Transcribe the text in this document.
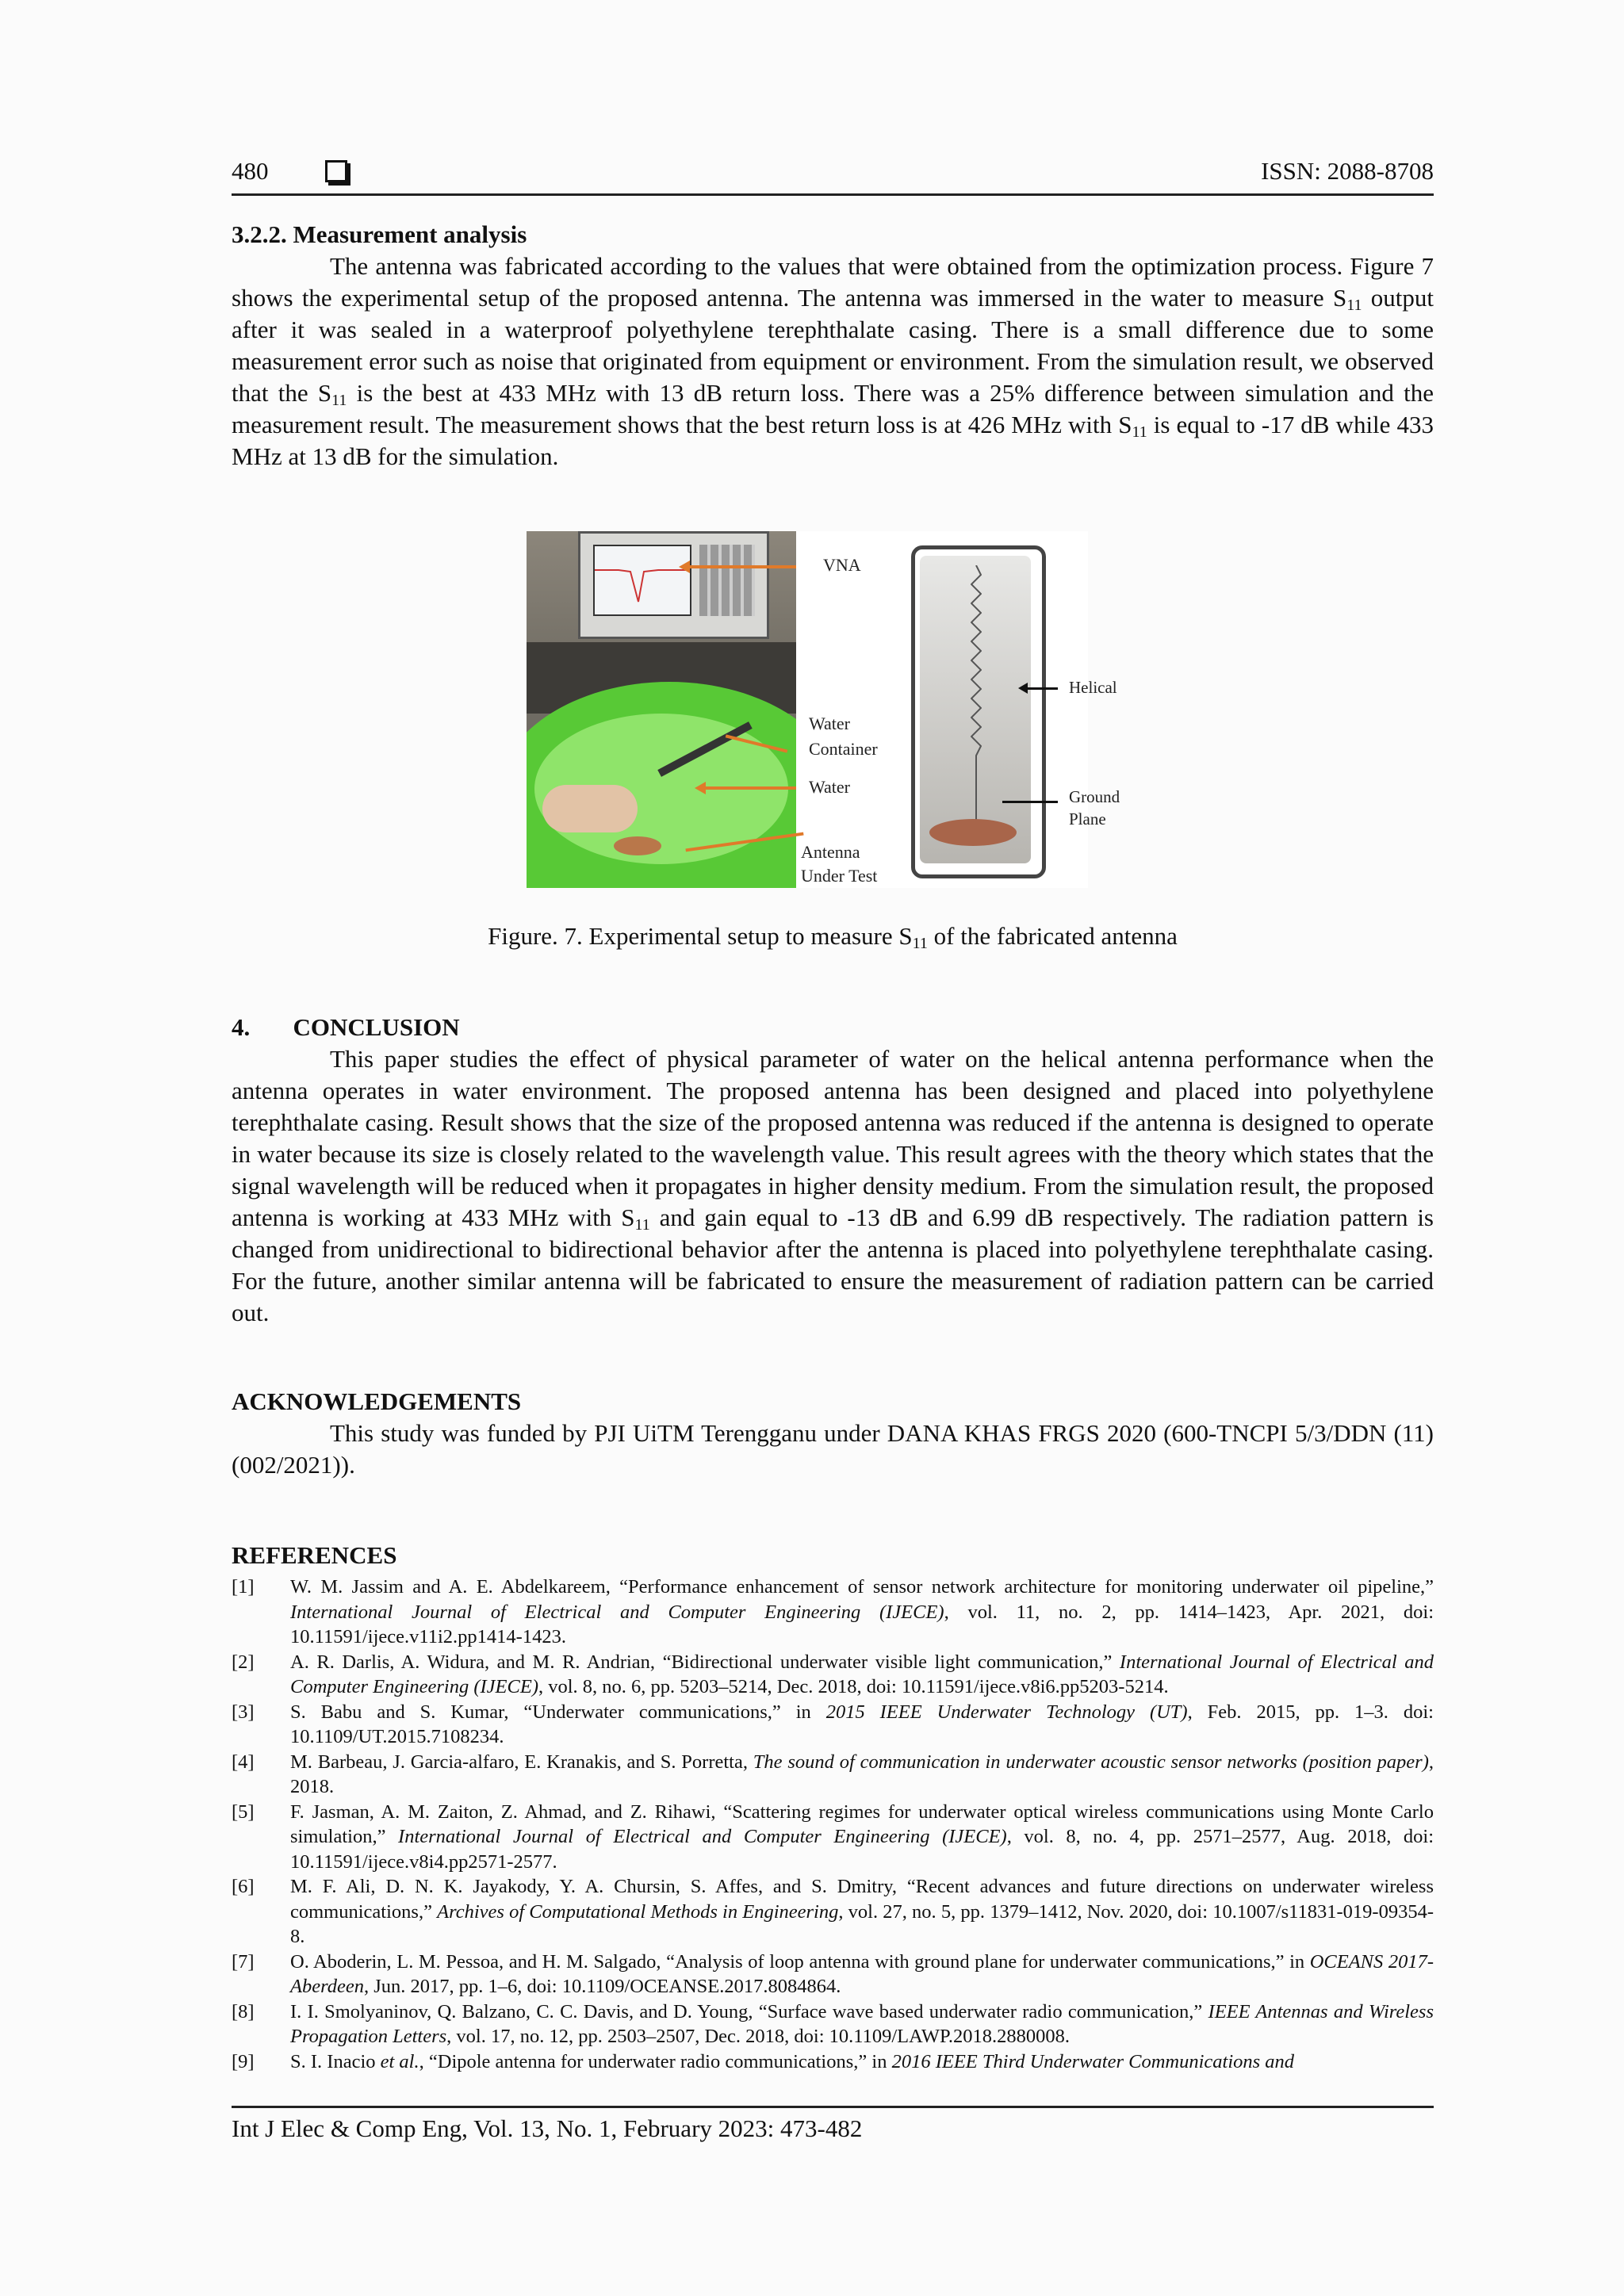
480	ISSN: 2088-8708
3.2.2. Measurement analysis
The antenna was fabricated according to the values that were obtained from the optimization process. Figure 7 shows the experimental setup of the proposed antenna. The antenna was immersed in the water to measure $S_{11}$ output after it was sealed in a waterproof polyethylene terephthalate casing. There is a small difference due to some measurement error such as noise that originated from equipment or environment. From the simulation result, we observed that the $S_{11}$ is the best at 433 MHz with 13 dB return loss. There was a 25% difference between simulation and the measurement result. The measurement shows that the best return loss is at 426 MHz with $S_{11}$ is equal to -17 dB while 433 MHz at 13 dB for the simulation.
VNA
Water
Container
Water
Antenna
Under Test
Helical
Ground
Plane
Figure. 7. Experimental setup to measure $S_{11}$ of the fabricated antenna
4.       CONCLUSION
This paper studies the effect of physical parameter of water on the helical antenna performance when the antenna operates in water environment. The proposed antenna has been designed and placed into polyethylene terephthalate casing. Result shows that the size of the proposed antenna was reduced if the antenna is designed to operate in water because its size is closely related to the wavelength value. This result agrees with the theory which states that the signal wavelength will be reduced when it propagates in higher density medium. From the simulation result, the proposed antenna is working at 433 MHz with $S_{11}$ and gain equal to -13 dB and 6.99 dB respectively. The radiation pattern is changed from unidirectional to bidirectional behavior after the antenna is placed into polyethylene terephthalate casing. For the future, another similar antenna will be fabricated to ensure the measurement of radiation pattern can be carried out.
ACKNOWLEDGEMENTS
This study was funded by PJI UiTM Terengganu under DANA KHAS FRGS 2020 (600-TNCPI 5/3/DDN (11) (002/2021)).
REFERENCES
[1] W. M. Jassim and A. E. Abdelkareem, “Performance enhancement of sensor network architecture for monitoring underwater oil pipeline,” International Journal of Electrical and Computer Engineering (IJECE), vol. 11, no. 2, pp. 1414–1423, Apr. 2021, doi: 10.11591/ijece.v11i2.pp1414-1423.
[2] A. R. Darlis, A. Widura, and M. R. Andrian, “Bidirectional underwater visible light communication,” International Journal of Electrical and Computer Engineering (IJECE), vol. 8, no. 6, pp. 5203–5214, Dec. 2018, doi: 10.11591/ijece.v8i6.pp5203-5214.
[3] S. Babu and S. Kumar, “Underwater communications,” in 2015 IEEE Underwater Technology (UT), Feb. 2015, pp. 1–3. doi: 10.1109/UT.2015.7108234.
[4] M. Barbeau, J. Garcia-alfaro, E. Kranakis, and S. Porretta, The sound of communication in underwater acoustic sensor networks (position paper), 2018.
[5] F. Jasman, A. M. Zaiton, Z. Ahmad, and Z. Rihawi, “Scattering regimes for underwater optical wireless communications using Monte Carlo simulation,” International Journal of Electrical and Computer Engineering (IJECE), vol. 8, no. 4, pp. 2571–2577, Aug. 2018, doi: 10.11591/ijece.v8i4.pp2571-2577.
[6] M. F. Ali, D. N. K. Jayakody, Y. A. Chursin, S. Affes, and S. Dmitry, “Recent advances and future directions on underwater wireless communications,” Archives of Computational Methods in Engineering, vol. 27, no. 5, pp. 1379–1412, Nov. 2020, doi: 10.1007/s11831-019-09354-8.
[7] O. Aboderin, L. M. Pessoa, and H. M. Salgado, “Analysis of loop antenna with ground plane for underwater communications,” in OCEANS 2017-Aberdeen, Jun. 2017, pp. 1–6, doi: 10.1109/OCEANSE.2017.8084864.
[8] I. I. Smolyaninov, Q. Balzano, C. C. Davis, and D. Young, “Surface wave based underwater radio communication,” IEEE Antennas and Wireless Propagation Letters, vol. 17, no. 12, pp. 2503–2507, Dec. 2018, doi: 10.1109/LAWP.2018.2880008.
[9] S. I. Inacio et al., “Dipole antenna for underwater radio communications,” in 2016 IEEE Third Underwater Communications and
Int J Elec & Comp Eng, Vol. 13, No. 1, February 2023: 473-482
